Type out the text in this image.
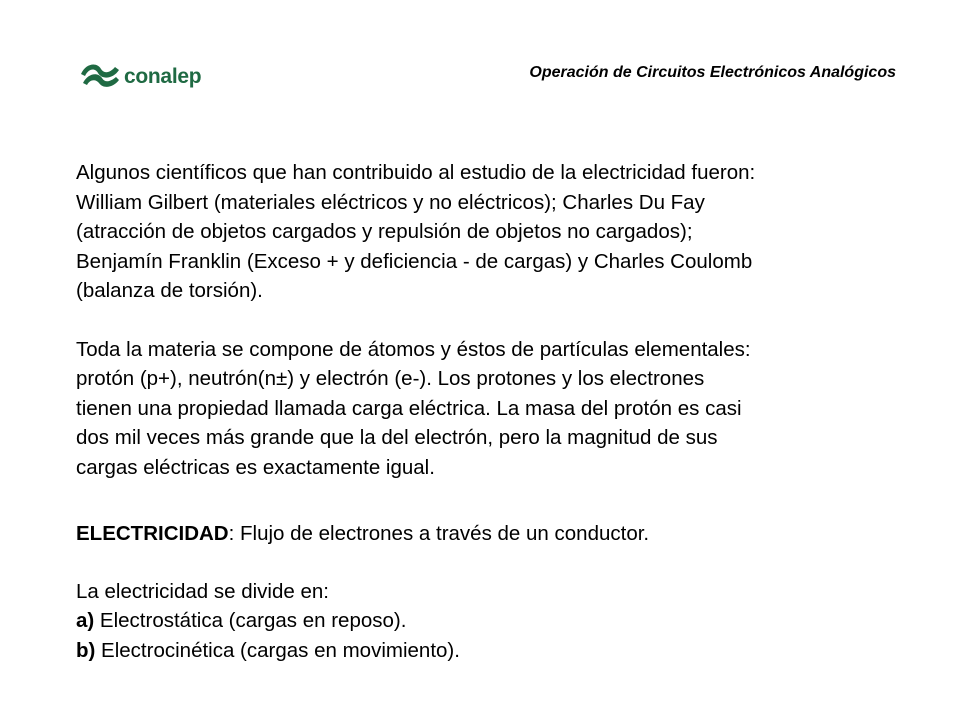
conalep	Operación de Circuitos Electrónicos Analógicos

Algunos científicos que han contribuido al estudio de la electricidad fueron:
William Gilbert (materiales eléctricos y no eléctricos); Charles Du Fay
(atracción de objetos cargados y repulsión de objetos no cargados);
Benjamín Franklin (Exceso + y deficiencia - de cargas) y Charles Coulomb
(balanza de torsión).

Toda la materia se compone de átomos y éstos de partículas elementales:
protón (p+), neutrón(n±) y electrón (e-). Los protones y los electrones
tienen una propiedad llamada carga eléctrica. La masa del protón es casi
dos mil veces más grande que la del electrón, pero la magnitud de sus
cargas eléctricas es exactamente igual.

ELECTRICIDAD: Flujo de electrones a través de un conductor.

La electricidad se divide en:
a) Electrostática (cargas en reposo).
b) Electrocinética (cargas en movimiento).
